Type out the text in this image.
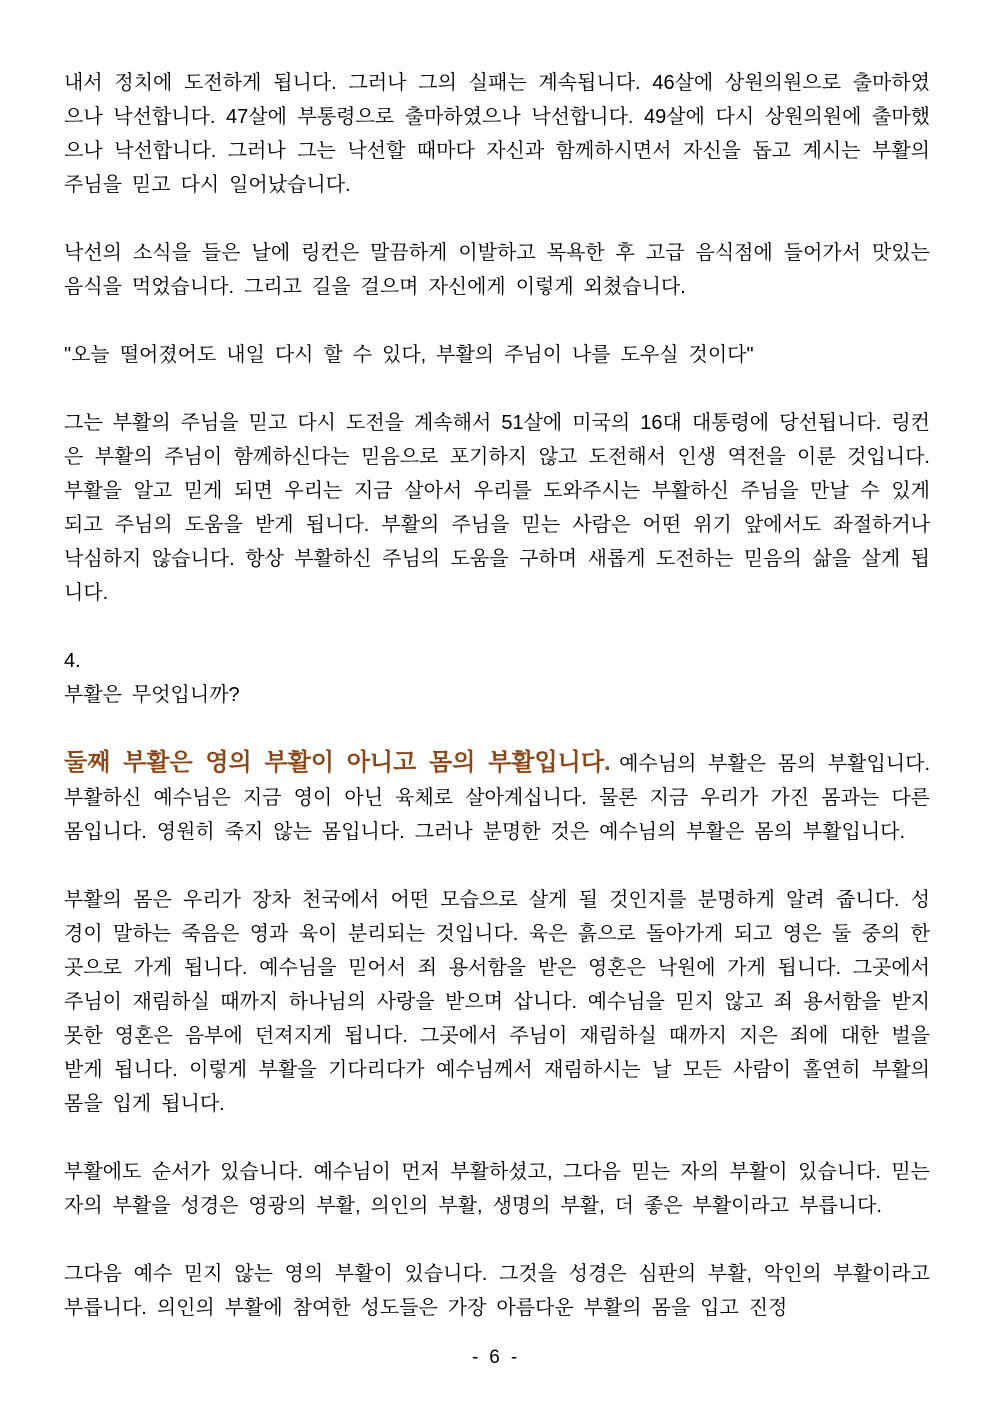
내서 정치에 도전하게 됩니다. 그러나 그의 실패는 계속됩니다. 46살에 상원의원으로 출마하였으나 낙선합니다. 47살에 부통령으로 출마하였으나 낙선합니다. 49살에 다시 상원의원에 출마했으나 낙선합니다. 그러나 그는 낙선할 때마다 자신과 함께하시면서 자신을 돕고 계시는 부활의 주님을 믿고 다시 일어났습니다.

낙선의 소식을 들은 날에 링컨은 말끔하게 이발하고 목욕한 후 고급 음식점에 들어가서 맛있는 음식을 먹었습니다. 그리고 길을 걸으며 자신에게 이렇게 외쳤습니다.

"오늘 떨어졌어도 내일 다시 할 수 있다, 부활의 주님이 나를 도우실 것이다"

그는 부활의 주님을 믿고 다시 도전을 계속해서 51살에 미국의 16대 대통령에 당선됩니다. 링컨은 부활의 주님이 함께하신다는 믿음으로 포기하지 않고 도전해서 인생 역전을 이룬 것입니다. 부활을 알고 믿게 되면 우리는 지금 살아서 우리를 도와주시는 부활하신 주님을 만날 수 있게 되고 주님의 도움을 받게 됩니다. 부활의 주님을 믿는 사람은 어떤 위기 앞에서도 좌절하거나 낙심하지 않습니다. 항상 부활하신 주님의 도움을 구하며 새롭게 도전하는 믿음의 삶을 살게 됩니다.

4.
부활은 무엇입니까?

둘째 부활은 영의 부활이 아니고 몸의 부활입니다. 예수님의 부활은 몸의 부활입니다. 부활하신 예수님은 지금 영이 아닌 육체로 살아계십니다. 물론 지금 우리가 가진 몸과는 다른 몸입니다. 영원히 죽지 않는 몸입니다. 그러나 분명한 것은 예수님의 부활은 몸의 부활입니다.

부활의 몸은 우리가 장차 천국에서 어떤 모습으로 살게 될 것인지를 분명하게 알려 줍니다. 성경이 말하는 죽음은 영과 육이 분리되는 것입니다. 육은 흙으로 돌아가게 되고 영은 둘 중의 한 곳으로 가게 됩니다. 예수님을 믿어서 죄 용서함을 받은 영혼은 낙원에 가게 됩니다. 그곳에서 주님이 재림하실 때까지 하나님의 사랑을 받으며 삽니다. 예수님을 믿지 않고 죄 용서함을 받지 못한 영혼은 음부에 던져지게 됩니다. 그곳에서 주님이 재림하실 때까지 지은 죄에 대한 벌을 받게 됩니다. 이렇게 부활을 기다리다가 예수님께서 재림하시는 날 모든 사람이 홀연히 부활의 몸을 입게 됩니다.

부활에도 순서가 있습니다. 예수님이 먼저 부활하셨고, 그다음 믿는 자의 부활이 있습니다. 믿는 자의 부활을 성경은 영광의 부활, 의인의 부활, 생명의 부활, 더 좋은 부활이라고 부릅니다.

그다음 예수 믿지 않는 영의 부활이 있습니다. 그것을 성경은 심판의 부활, 악인의 부활이라고 부릅니다. 의인의 부활에 참여한 성도들은 가장 아름다운 부활의 몸을 입고 진정

- 6 -
